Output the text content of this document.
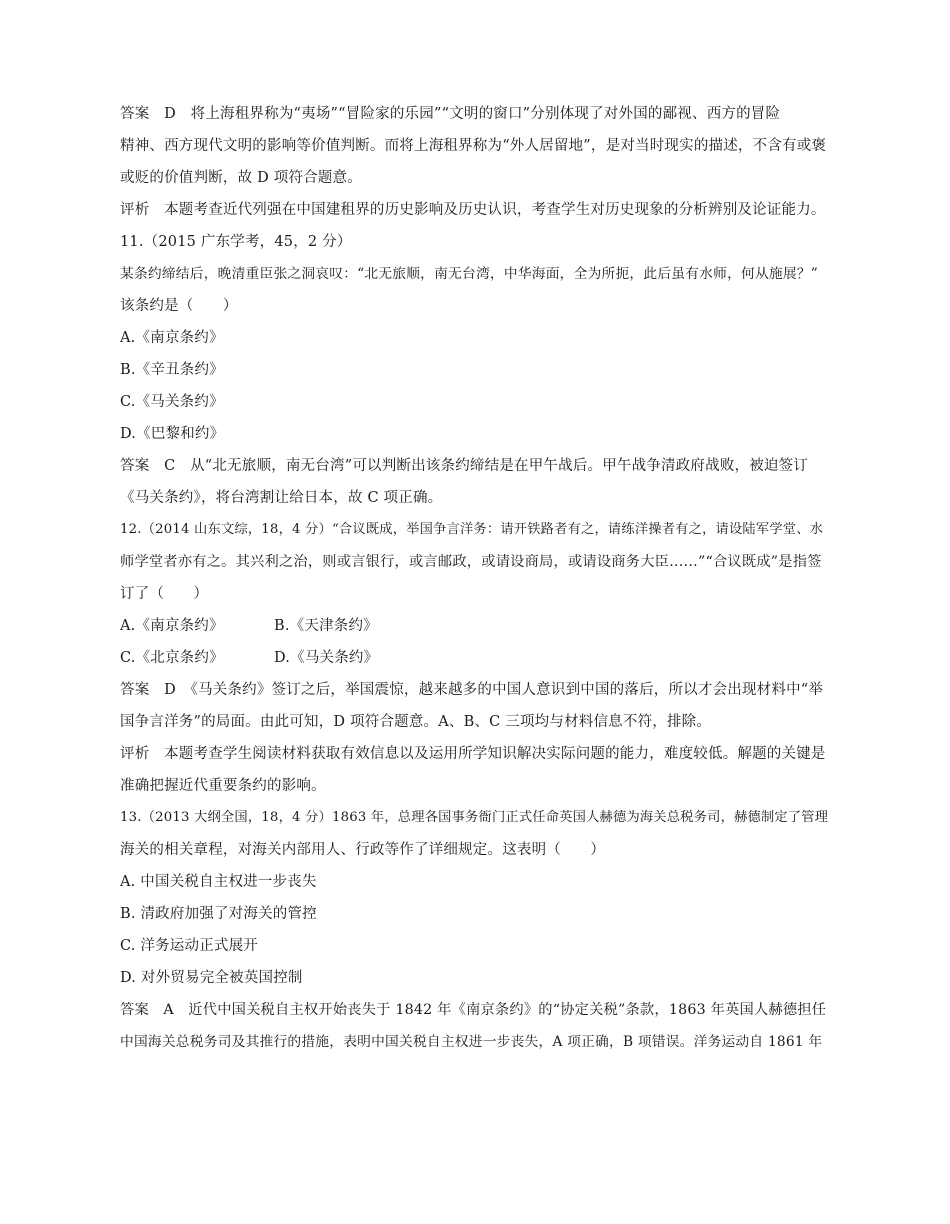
答案　D　将上海租界称为“夷场”“冒险家的乐园”“文明的窗口”分别体现了对外国的鄙视、西方的冒险
精神、西方现代文明的影响等价值判断。而将上海租界称为“外人居留地”，是对当时现实的描述，不含有或褒
或贬的价值判断，故 D 项符合题意。
评析　本题考查近代列强在中国建租界的历史影响及历史认识，考查学生对历史现象的分析辨别及论证能力。
11.（2015 广东学考，45，2 分）
某条约缔结后，晚清重臣张之洞哀叹：“北无旅顺，南无台湾，中华海面，全为所扼，此后虽有水师，何从施展？”
该条约是（　　）
A.《南京条约》
B.《辛丑条约》
C.《马关条约》
D.《巴黎和约》
答案　C　从“北无旅顺，南无台湾”可以判断出该条约缔结是在甲午战后。甲午战争清政府战败，被迫签订
《马关条约》，将台湾割让给日本，故 C 项正确。
12.（2014 山东文综，18，4 分）“合议既成，举国争言洋务：请开铁路者有之，请练洋操者有之，请设陆军学堂、水
师学堂者亦有之。其兴利之治，则或言银行，或言邮政，或请设商局，或请设商务大臣……”“合议既成”是指签
订了（　　）
A.《南京条约》	B.《天津条约》
C.《北京条约》	D.《马关条约》
答案　D　《马关条约》签订之后，举国震惊，越来越多的中国人意识到中国的落后，所以才会出现材料中“举
国争言洋务”的局面。由此可知，D 项符合题意。A、B、C 三项均与材料信息不符，排除。
评析　本题考查学生阅读材料获取有效信息以及运用所学知识解决实际问题的能力，难度较低。解题的关键是
准确把握近代重要条约的影响。
13.（2013 大纲全国，18，4 分）1863 年，总理各国事务衙门正式任命英国人赫德为海关总税务司，赫德制定了管理
海关的相关章程，对海关内部用人、行政等作了详细规定。这表明（　　）
A. 中国关税自主权进一步丧失
B. 清政府加强了对海关的管控
C. 洋务运动正式展开
D. 对外贸易完全被英国控制
答案　A　近代中国关税自主权开始丧失于 1842 年《南京条约》的“协定关税”条款，1863 年英国人赫德担任
中国海关总税务司及其推行的措施，表明中国关税自主权进一步丧失，A 项正确，B 项错误。洋务运动自 1861 年
